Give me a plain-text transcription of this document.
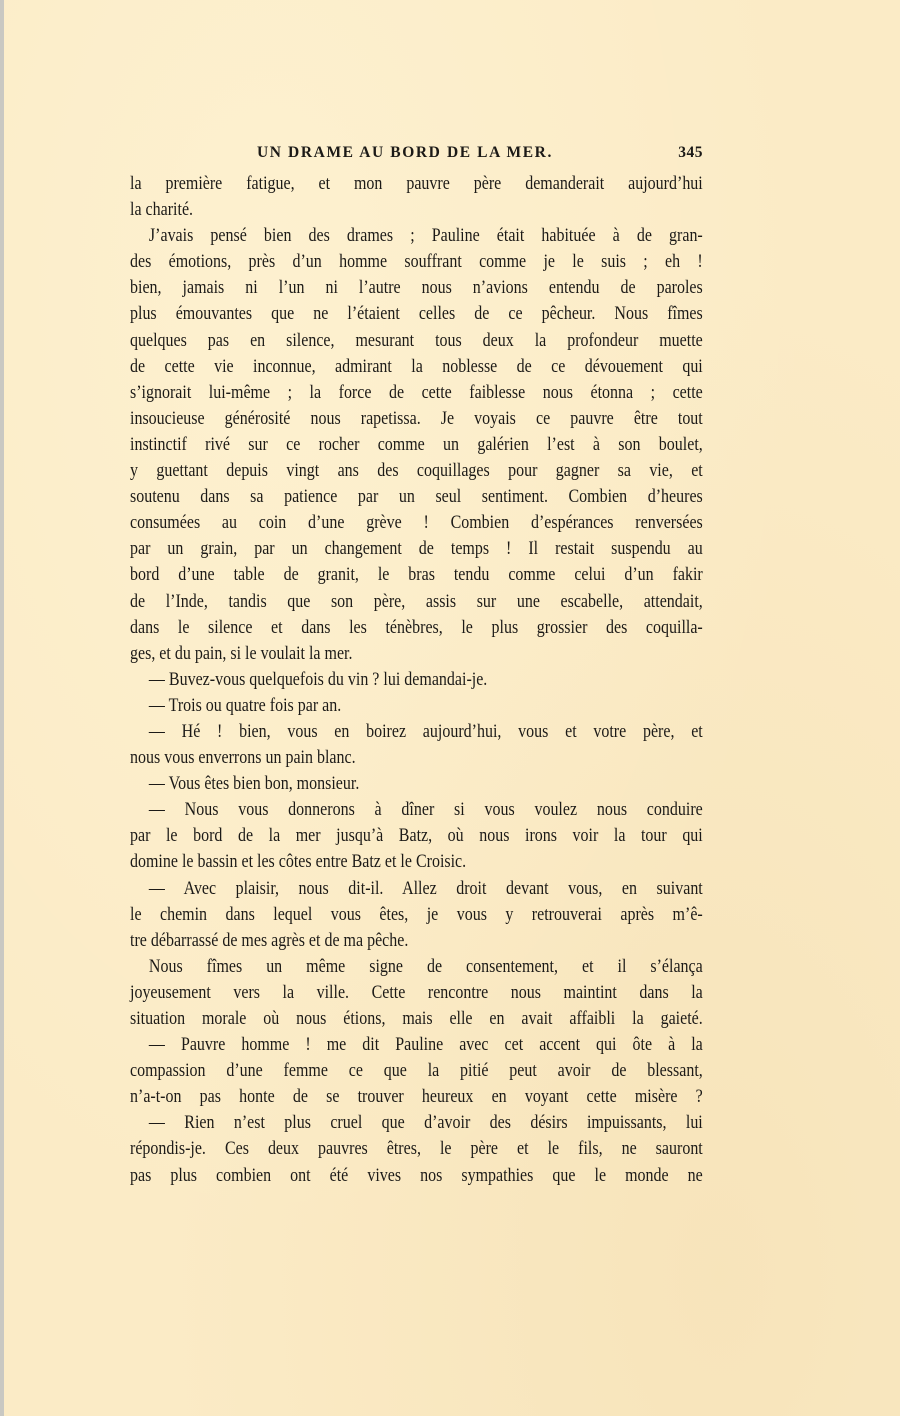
UN DRAME AU BORD DE LA MER.	345
la première fatigue, et mon pauvre père demanderait aujourd’hui
la charité.
J’avais pensé bien des drames ; Pauline était habituée à de gran-
des émotions, près d’un homme souffrant comme je le suis ; eh !
bien, jamais ni l’un ni l’autre nous n’avions entendu de paroles
plus émouvantes que ne l’étaient celles de ce pêcheur. Nous fîmes
quelques pas en silence, mesurant tous deux la profondeur muette
de cette vie inconnue, admirant la noblesse de ce dévouement qui
s’ignorait lui-même ; la force de cette faiblesse nous étonna ; cette
insoucieuse générosité nous rapetissa. Je voyais ce pauvre être tout
instinctif rivé sur ce rocher comme un galérien l’est à son boulet,
y guettant depuis vingt ans des coquillages pour gagner sa vie, et
soutenu dans sa patience par un seul sentiment. Combien d’heures
consumées au coin d’une grève ! Combien d’espérances renversées
par un grain, par un changement de temps ! Il restait suspendu au
bord d’une table de granit, le bras tendu comme celui d’un fakir
de l’Inde, tandis que son père, assis sur une escabelle, attendait,
dans le silence et dans les ténèbres, le plus grossier des coquilla-
ges, et du pain, si le voulait la mer.
— Buvez-vous quelquefois du vin ? lui demandai-je.
— Trois ou quatre fois par an.
— Hé ! bien, vous en boirez aujourd’hui, vous et votre père, et
nous vous enverrons un pain blanc.
— Vous êtes bien bon, monsieur.
— Nous vous donnerons à dîner si vous voulez nous conduire
par le bord de la mer jusqu’à Batz, où nous irons voir la tour qui
domine le bassin et les côtes entre Batz et le Croisic.
— Avec plaisir, nous dit-il. Allez droit devant vous, en suivant
le chemin dans lequel vous êtes, je vous y retrouverai après m’ê-
tre débarrassé de mes agrès et de ma pêche.
Nous fîmes un même signe de consentement, et il s’élança
joyeusement vers la ville. Cette rencontre nous maintint dans la
situation morale où nous étions, mais elle en avait affaibli la gaieté.
— Pauvre homme ! me dit Pauline avec cet accent qui ôte à la
compassion d’une femme ce que la pitié peut avoir de blessant,
n’a-t-on pas honte de se trouver heureux en voyant cette misère ?
— Rien n’est plus cruel que d’avoir des désirs impuissants, lui
répondis-je. Ces deux pauvres êtres, le père et le fils, ne sauront
pas plus combien ont été vives nos sympathies que le monde ne
